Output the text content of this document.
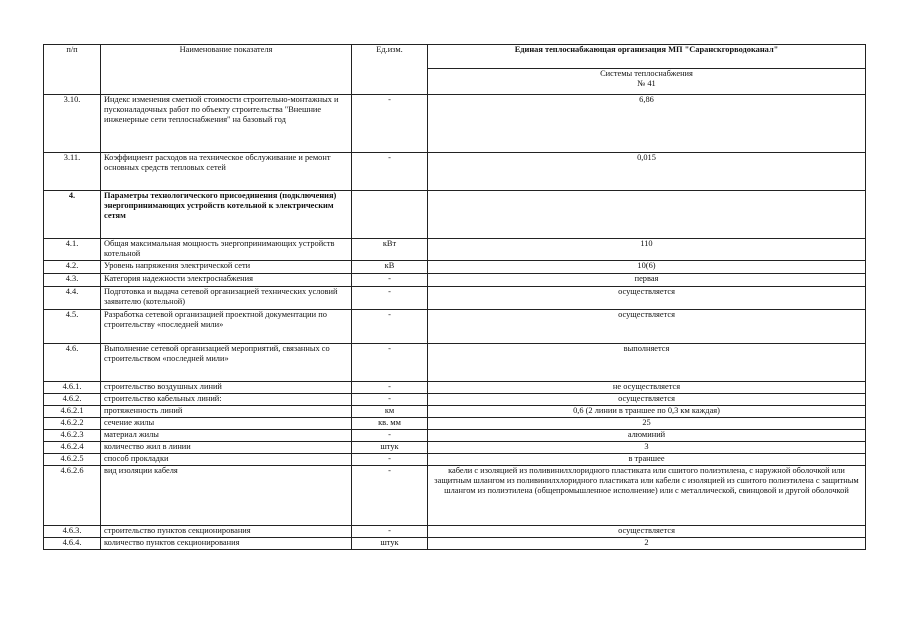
п/п	Наименование показателя	Ед.изм.	Единая теплоснабжающая организация МП "Саранскгорводоканал"

			Системы теплоснабжения
№ 41

3.10.	Индекс изменения сметной стоимости строительно-монтажных и пусконаладочных работ по объекту строительства "Внешние инженерные сети теплоснабжения" на базовый год	-	6,86
3.11.	Коэффициент расходов на техническое обслуживание и ремонт основных средств тепловых сетей	-	0,015
4.	Параметры технологического присоединения (подключения) энергопринимающих устройств котельной к электрическим сетям		
4.1.	Общая максимальная мощность энергопринимающих устройств котельной	кВт	110
4.2.	Уровень напряжения электрической сети	кВ	10(6)
4.3.	Категория надежности электроснабжения	-	первая
4.4.	Подготовка и выдача сетевой организацией технических условий заявителю (котельной)	-	осуществляется
4.5.	Разработка сетевой организацией проектной документации по строительству «последней мили»	-	осуществляется
4.6.	Выполнение сетевой организацией мероприятий, связанных со строительством «последней мили»	-	выполняется
4.6.1.	строительство воздушных линий	-	не осуществляется
4.6.2.	строительство кабельных линий:	-	осуществляется
4.6.2.1	протяженность линий	км	0,6 (2 линии в траншее по 0,3 км каждая)
4.6.2.2	сечение жилы	кв. мм	25
4.6.2.3	материал жилы	-	алюминий
4.6.2.4	количество жил в линии	штук	3
4.6.2.5	способ прокладки	-	в траншее
4.6.2.6	вид изоляции кабеля	-	кабели с изоляцией из поливинилхлоридного пластиката или сшитого полиэтилена, с наружной оболочкой или защитным шлангом из поливинилхлоридного пластиката или кабели с изоляцией из сшитого полиэтилена с защитным шлангом из полиэтилена (общепромышленное исполнение) или с металлической, свинцовой и другой оболочкой
4.6.3.	строительство пунктов секционирования	-	осуществляется
4.6.4.	количество пунктов секционирования	штук	2
